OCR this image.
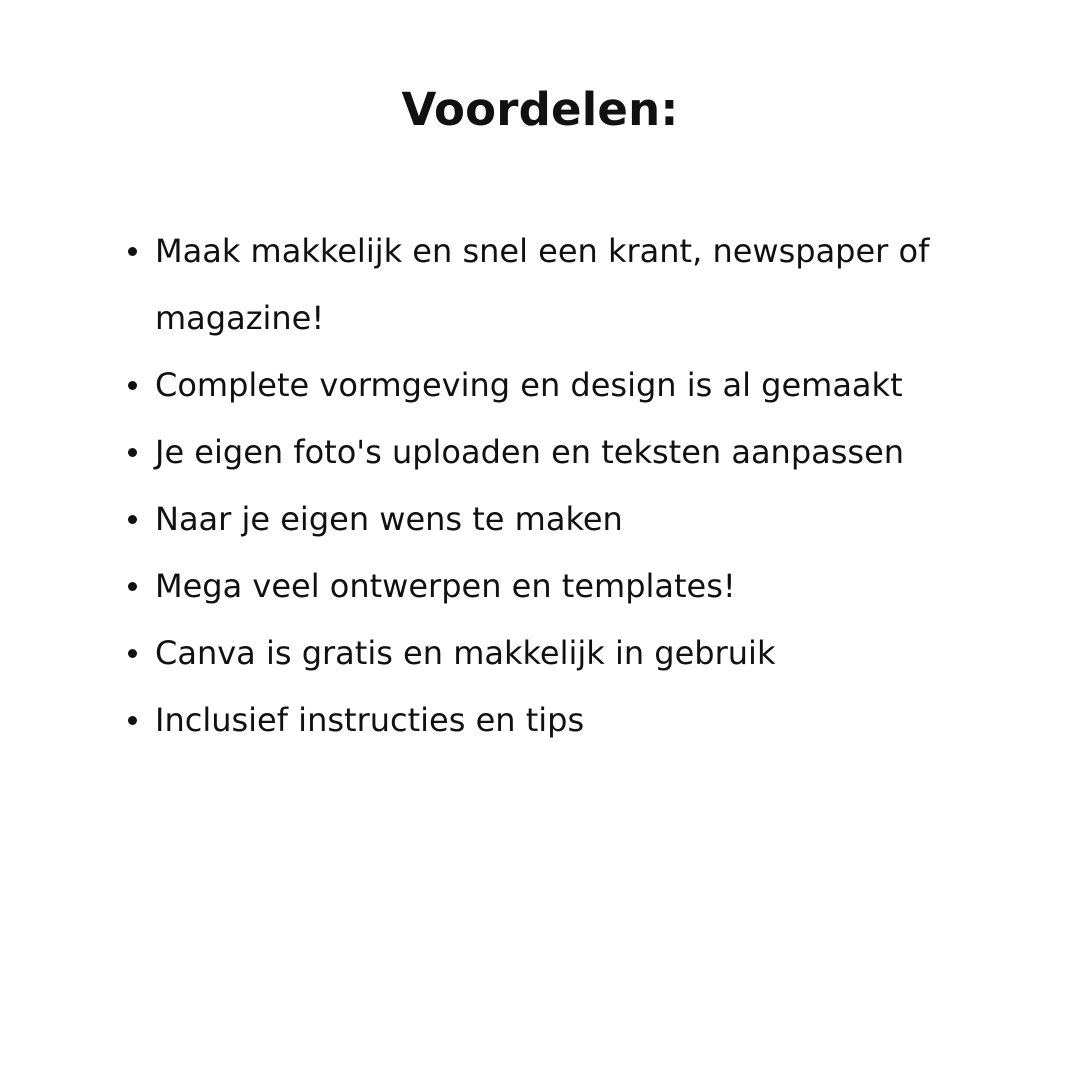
Voordelen:
Maak makkelijk en snel een krant, newspaper of magazine!
Complete vormgeving en design is al gemaakt
Je eigen foto's uploaden en teksten aanpassen
Naar je eigen wens te maken
Mega veel ontwerpen en templates!
Canva is gratis en makkelijk in gebruik
Inclusief instructies en tips
